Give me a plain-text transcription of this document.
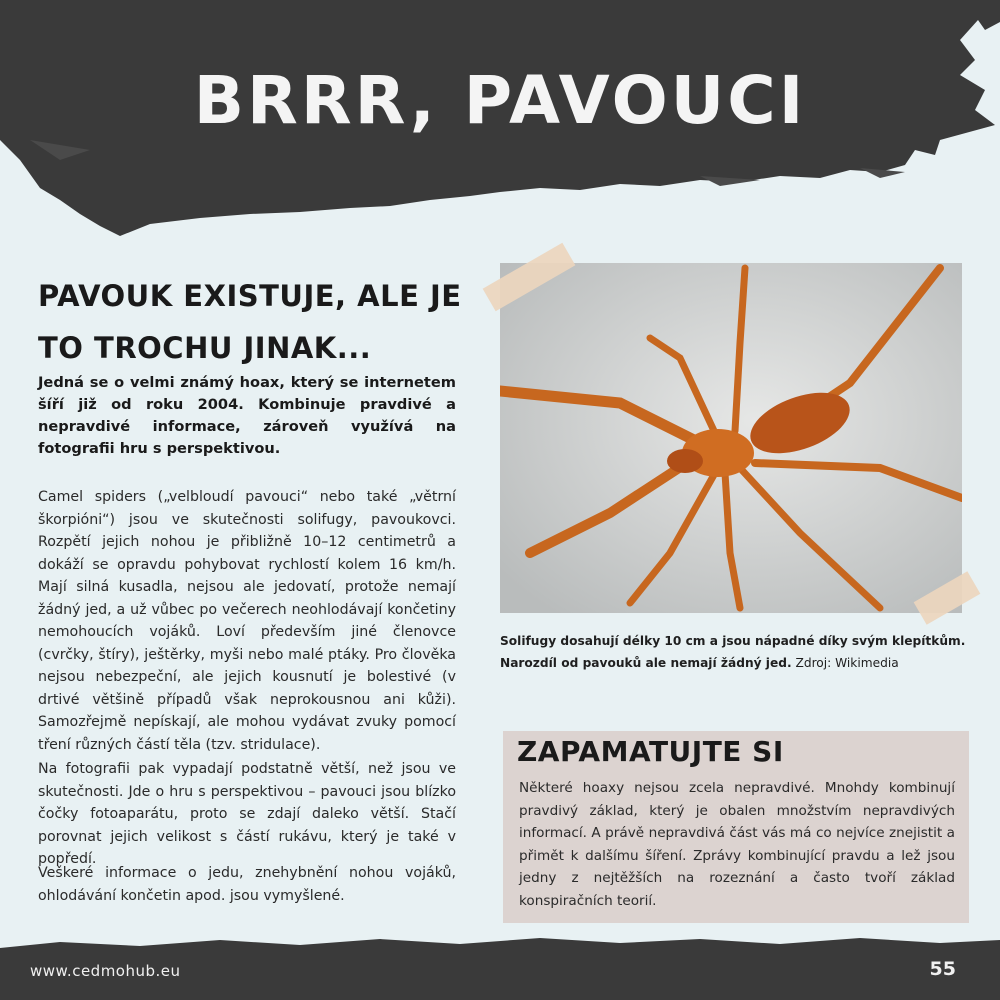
BRRR, PAVOUCI
PAVOUK EXISTUJE, ALE JE TO TROCHU JINAK...

Jedná se o velmi známý hoax, který se internetem šíří již od roku 2004. Kombinuje pravdivé a nepravdivé informace, zároveň využívá na fotografii hru s perspektivou.

Camel spiders („velbloudí pavouci“ nebo také „větrní škorpióni“) jsou ve skutečnosti solifugy, pavoukovci. Rozpětí jejich nohou je přibližně 10–12 centimetrů a dokáží se opravdu pohybovat rychlostí kolem 16 km/h. Mají silná kusadla, nejsou ale jedovatí, protože nemají žádný jed, a už vůbec po večerech neohlodávají končetiny nemohoucích vojáků. Loví především jiné členovce (cvrčky, štíry), ještěrky, myši nebo malé ptáky. Pro člověka nejsou nebezpeční, ale jejich kousnutí je bolestivé (v drtivé většině případů však neprokousnou ani kůži). Samozřejmě nepískají, ale mohou vydávat zvuky pomocí tření různých částí těla (tzv. stridulace).

Na fotografii pak vypadají podstatně větší, než jsou ve skutečnosti. Jde o hru s perspektivou – pavouci jsou blízko čočky fotoaparátu, proto se zdají daleko větší. Stačí porovnat jejich velikost s částí rukávu, který je také v popředí.

Veškeré informace o jedu, znehybnění nohou vojáků, ohlodávání končetin apod. jsou vymyšlené.

Solifugy dosahují délky 10 cm a jsou nápadné díky svým klepítkům. Narozdíl od pavouků ale nemají žádný jed. Zdroj: Wikimedia

ZAPAMATUJTE SI

Některé hoaxy nejsou zcela nepravdivé. Mnohdy kombinují pravdivý základ, který je obalen množstvím nepravdivých informací. A právě nepravdivá část vás má co nejvíce znejistit a přimět k dalšímu šíření. Zprávy kombinující pravdu a lež jsou jedny z nejtěžších na rozeznání a často tvoří základ konspiračních teorií.

www.cedmohub.eu	55
